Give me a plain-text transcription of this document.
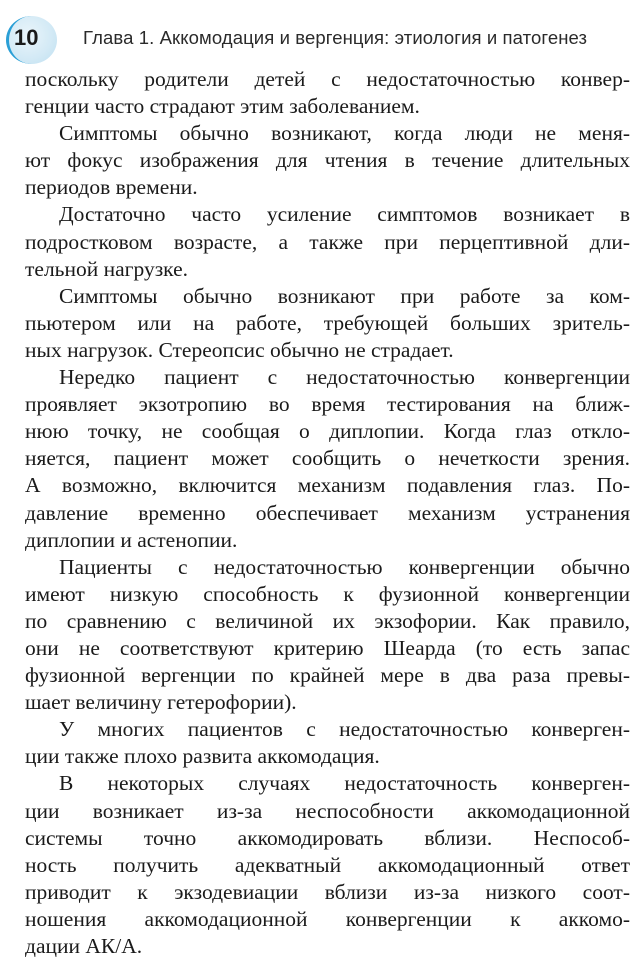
10 Глава 1. Аккомодация и вергенция: этиология и патогенез

поскольку родители детей с недостаточностью конвер-
генции часто страдают этим заболеванием.

Симптомы обычно возникают, когда люди не меня-
ют фокус изображения для чтения в течение длительных
периодов времени.

Достаточно часто усиление симптомов возникает в
подростковом возрасте, а также при перцептивной дли-
тельной нагрузке.

Симптомы обычно возникают при работе за ком-
пьютером или на работе, требующей больших зритель-
ных нагрузок. Стереопсис обычно не страдает.

Нередко пациент с недостаточностью конвергенции
проявляет экзотропию во время тестирования на ближ-
нюю точку, не сообщая о диплопии. Когда глаз откло-
няется, пациент может сообщить о нечеткости зрения.
А возможно, включится механизм подавления глаз. По-
давление временно обеспечивает механизм устранения
диплопии и астенопии.

Пациенты с недостаточностью конвергенции обычно
имеют низкую способность к фузионной конвергенции
по сравнению с величиной их экзофории. Как правило,
они не соответствуют критерию Шеарда (то есть запас
фузионной вергенции по крайней мере в два раза превы-
шает величину гетерофории).

У многих пациентов с недостаточностью конверген-
ции также плохо развита аккомодация.

В некоторых случаях недостаточность конверген-
ции возникает из-за неспособности аккомодационной
системы точно аккомодировать вблизи. Неспособ-
ность получить адекватный аккомодационный ответ
приводит к экзодевиации вблизи из-за низкого соот-
ношения аккомодационной конвергенции к аккомо-
дации АК/А.
